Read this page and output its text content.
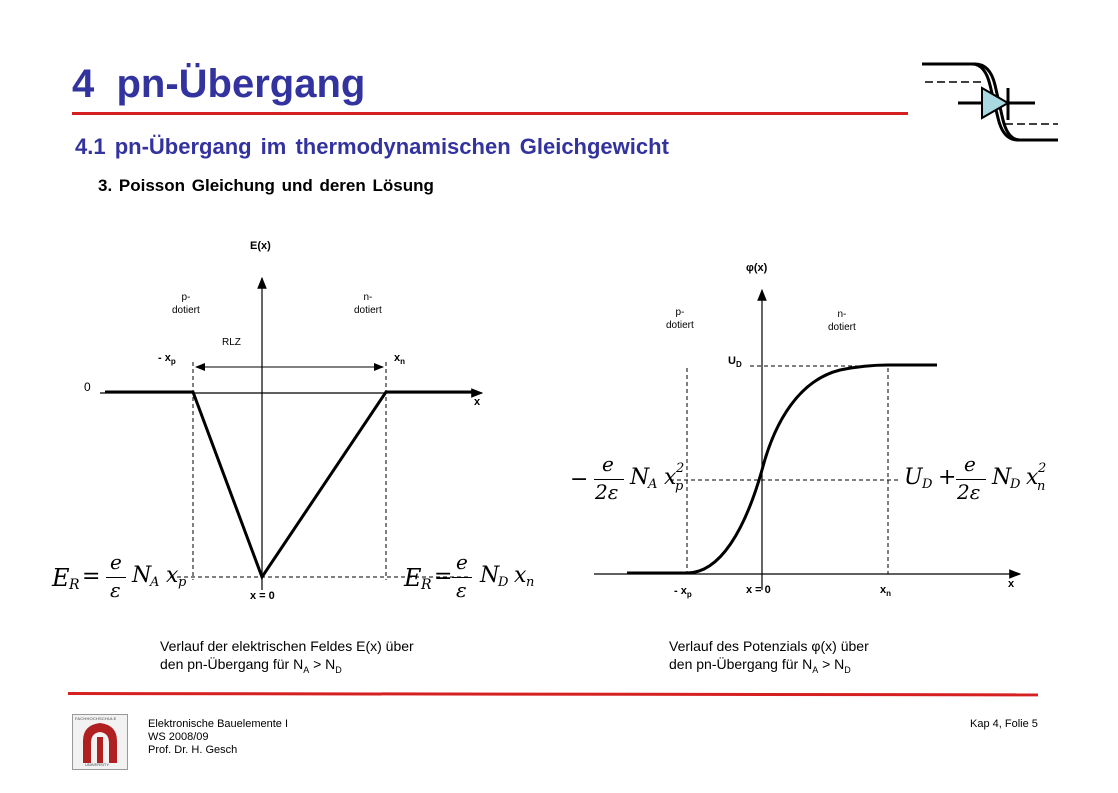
4  pn-Übergang
4.1 pn-Übergang im thermodynamischen Gleichgewicht
3. Poisson Gleichung und deren Lösung
E(x)
x
0
p-
dotiert
n-
dotiert
RLZ
- $x_p$	$x_n$
x = 0
E R =
e
ε
N
A x p	E R =
e
ε
N
D x n
Verlauf der elektrischen Feldes E(x) über
den pn-Übergang für $N_A > N_D$
φ(x)
x
p-
dotiert
n-
dotiert
$U_D$
- $x_p$	$x_n$
x = 0
−
e
2ε
N
A x 2
p	U D +
e
2ε
N
D x 2
n
Verlauf des Potenzials φ(x) über
den pn-Übergang für $N_A > N_D$
FACHHOCHSCHULE
UNIVERSITY
Elektronische Bauelemente I
WS 2008/09
Prof. Dr. H. Gesch
Kap 4, Folie 5
